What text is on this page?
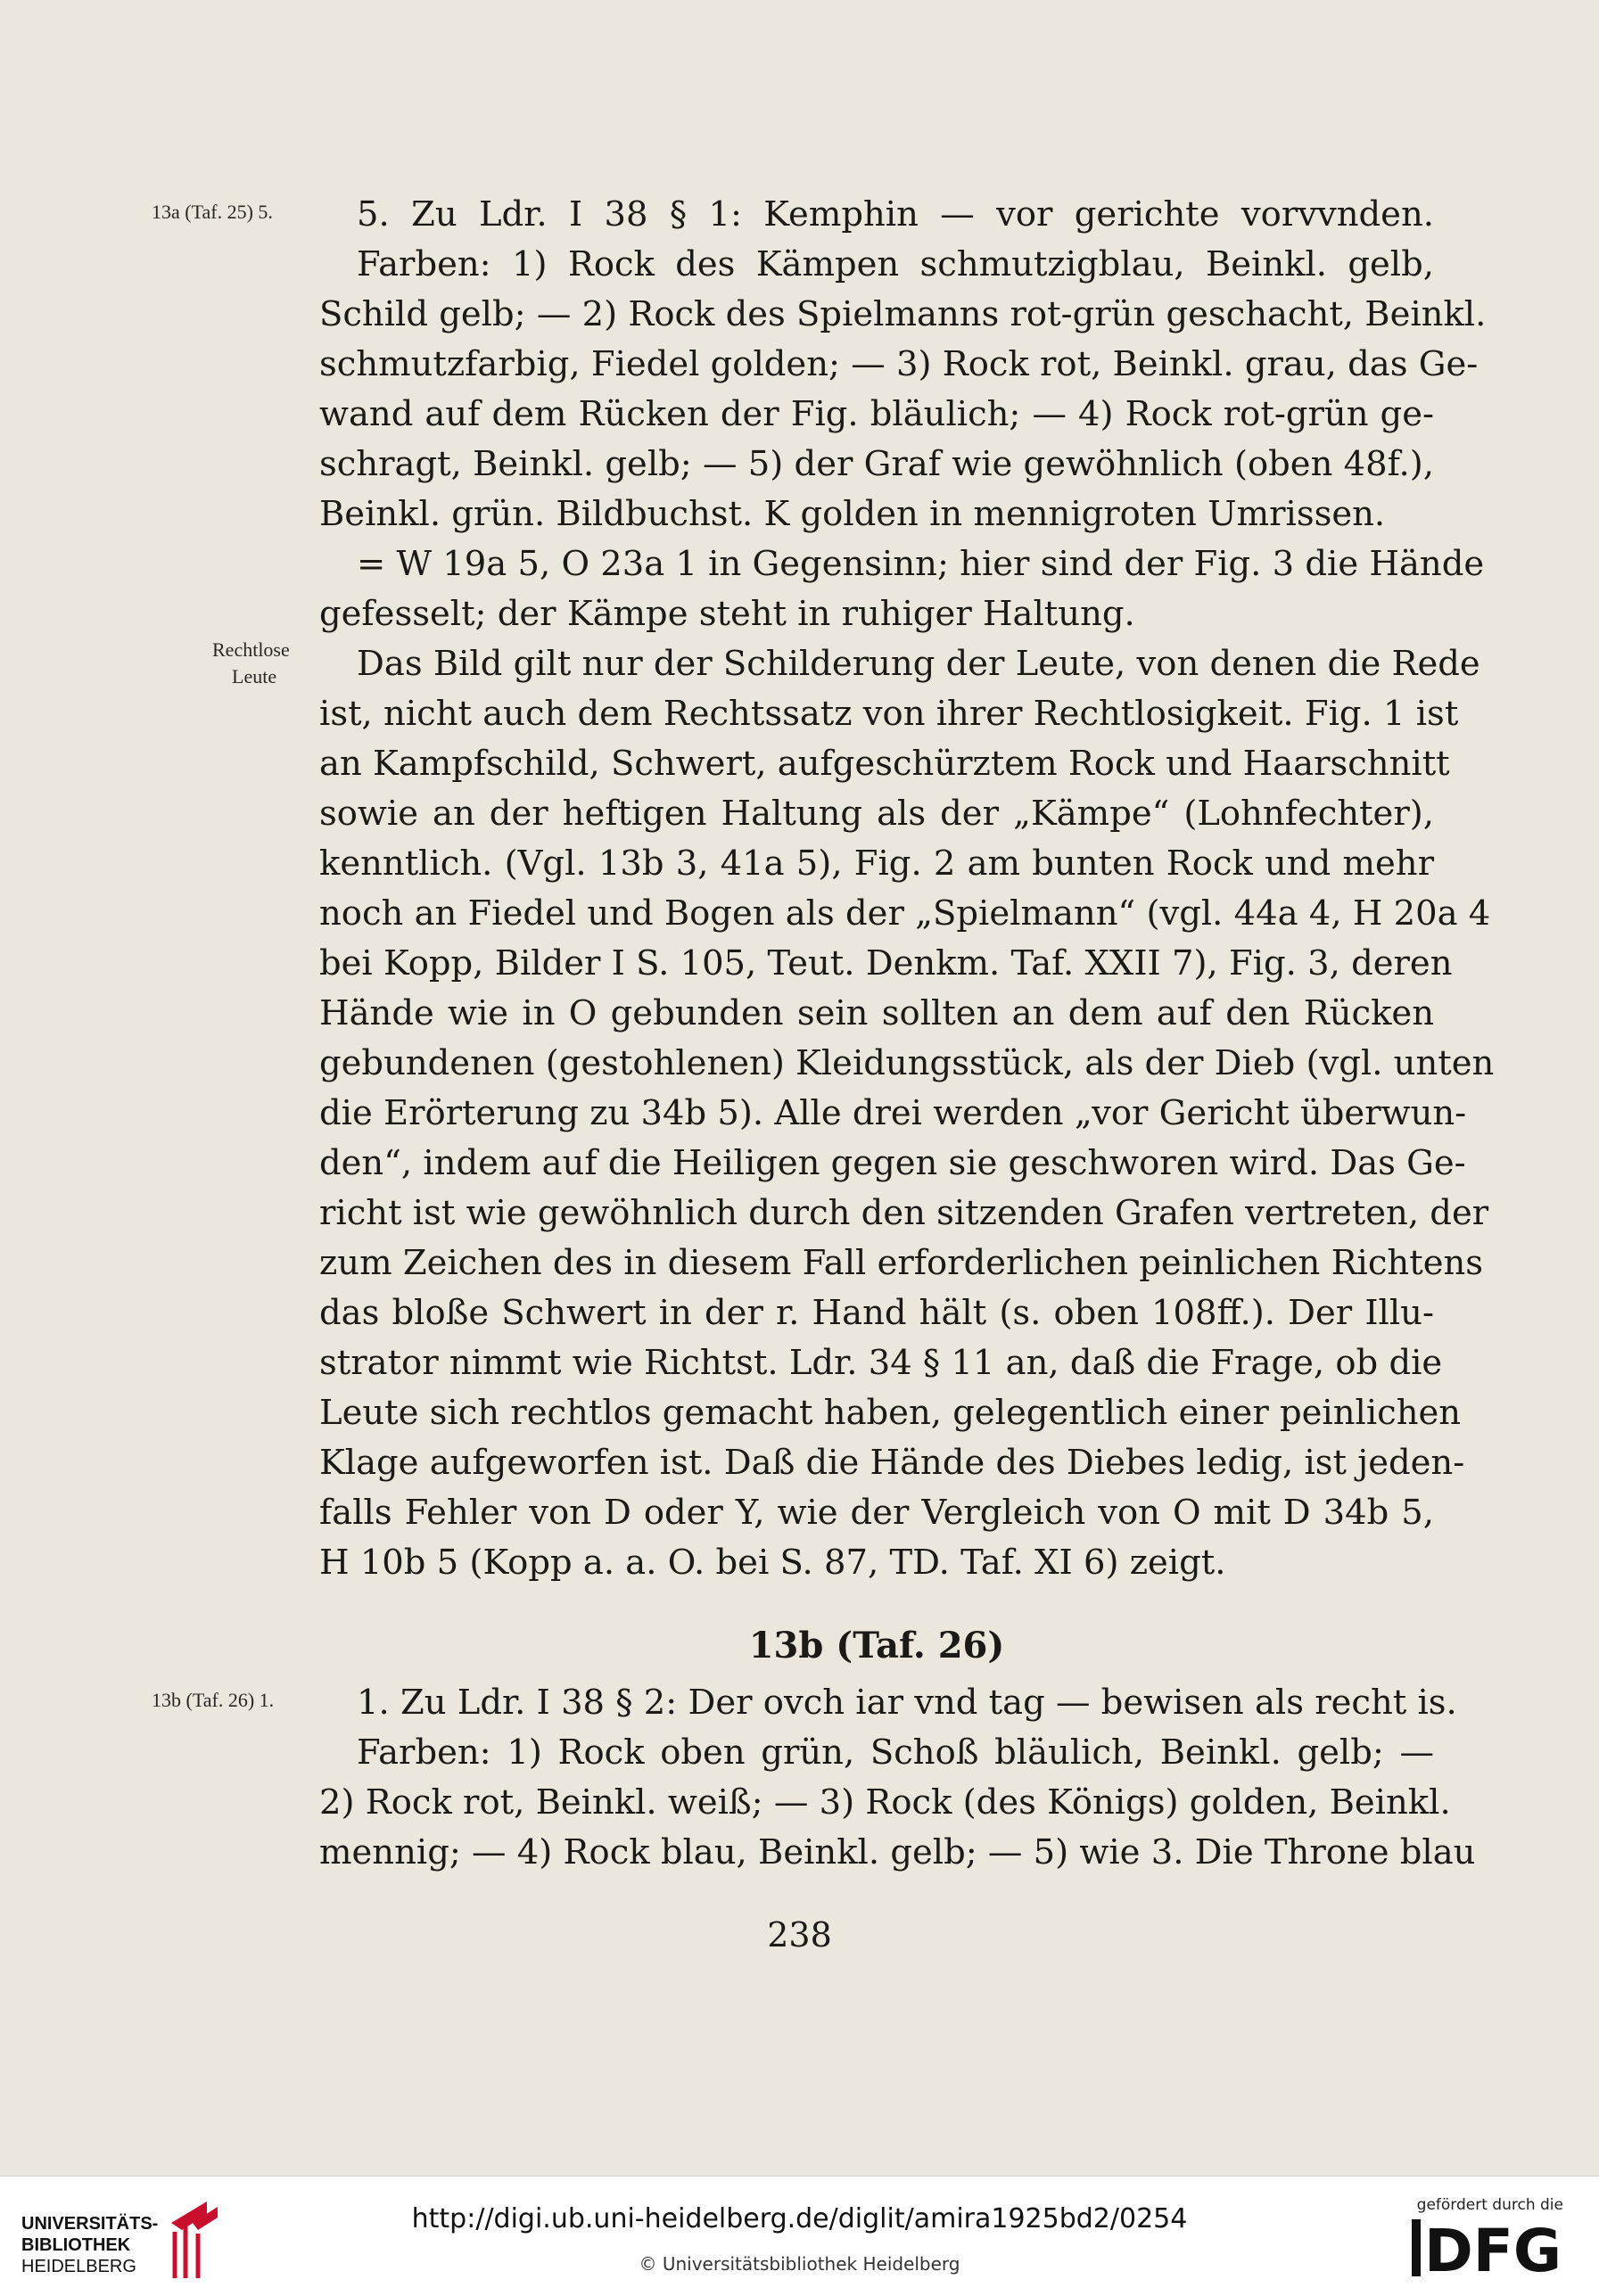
13a (Taf. 25) 5.
Rechtlose
Leute
13b (Taf. 26) 1.
5. Zu Ldr. I 38 § 1: Kemphin — vor gerichte vorvvnden.
Farben: 1) Rock des Kämpen schmutzigblau, Beinkl. gelb,
Schild gelb; — 2) Rock des Spielmanns rot-grün geschacht, Beinkl.
schmutzfarbig, Fiedel golden; — 3) Rock rot, Beinkl. grau, das Ge-
wand auf dem Rücken der Fig. bläulich; — 4) Rock rot-grün ge-
schragt, Beinkl. gelb; — 5) der Graf wie gewöhnlich (oben 48f.),
Beinkl. grün. Bildbuchst. K golden in mennigroten Umrissen.
= W 19a 5, O 23a 1 in Gegensinn; hier sind der Fig. 3 die Hände
gefesselt; der Kämpe steht in ruhiger Haltung.
Das Bild gilt nur der Schilderung der Leute, von denen die Rede
ist, nicht auch dem Rechtssatz von ihrer Rechtlosigkeit. Fig. 1 ist
an Kampfschild, Schwert, aufgeschürztem Rock und Haarschnitt
sowie an der heftigen Haltung als der „Kämpe“ (Lohnfechter),
kenntlich. (Vgl. 13b 3, 41a 5), Fig. 2 am bunten Rock und mehr
noch an Fiedel und Bogen als der „Spielmann“ (vgl. 44a 4, H 20a 4
bei Kopp, Bilder I S. 105, Teut. Denkm. Taf. XXII 7), Fig. 3, deren
Hände wie in O gebunden sein sollten an dem auf den Rücken
gebundenen (gestohlenen) Kleidungsstück, als der Dieb (vgl. unten
die Erörterung zu 34b 5). Alle drei werden „vor Gericht überwun-
den“, indem auf die Heiligen gegen sie geschworen wird. Das Ge-
richt ist wie gewöhnlich durch den sitzenden Grafen vertreten, der
zum Zeichen des in diesem Fall erforderlichen peinlichen Richtens
das bloße Schwert in der r. Hand hält (s. oben 108ff.). Der Illu-
strator nimmt wie Richtst. Ldr. 34 § 11 an, daß die Frage, ob die
Leute sich rechtlos gemacht haben, gelegentlich einer peinlichen
Klage aufgeworfen ist. Daß die Hände des Diebes ledig, ist jeden-
falls Fehler von D oder Y, wie der Vergleich von O mit D 34b 5,
H 10b 5 (Kopp a. a. O. bei S. 87, TD. Taf. XI 6) zeigt.
13b (Taf. 26)
1. Zu Ldr. I 38 § 2: Der ovch iar vnd tag — bewisen als recht is.
Farben: 1) Rock oben grün, Schoß bläulich, Beinkl. gelb; —
2) Rock rot, Beinkl. weiß; — 3) Rock (des Königs) golden, Beinkl.
mennig; — 4) Rock blau, Beinkl. gelb; — 5) wie 3. Die Throne blau
238
UNIVERSITÄTS-
BIBLIOTHEK
HEIDELBERG
http://digi.ub.uni-heidelberg.de/diglit/amira1925bd2/0254
© Universitätsbibliothek Heidelberg
gefördert durch die
DFG
